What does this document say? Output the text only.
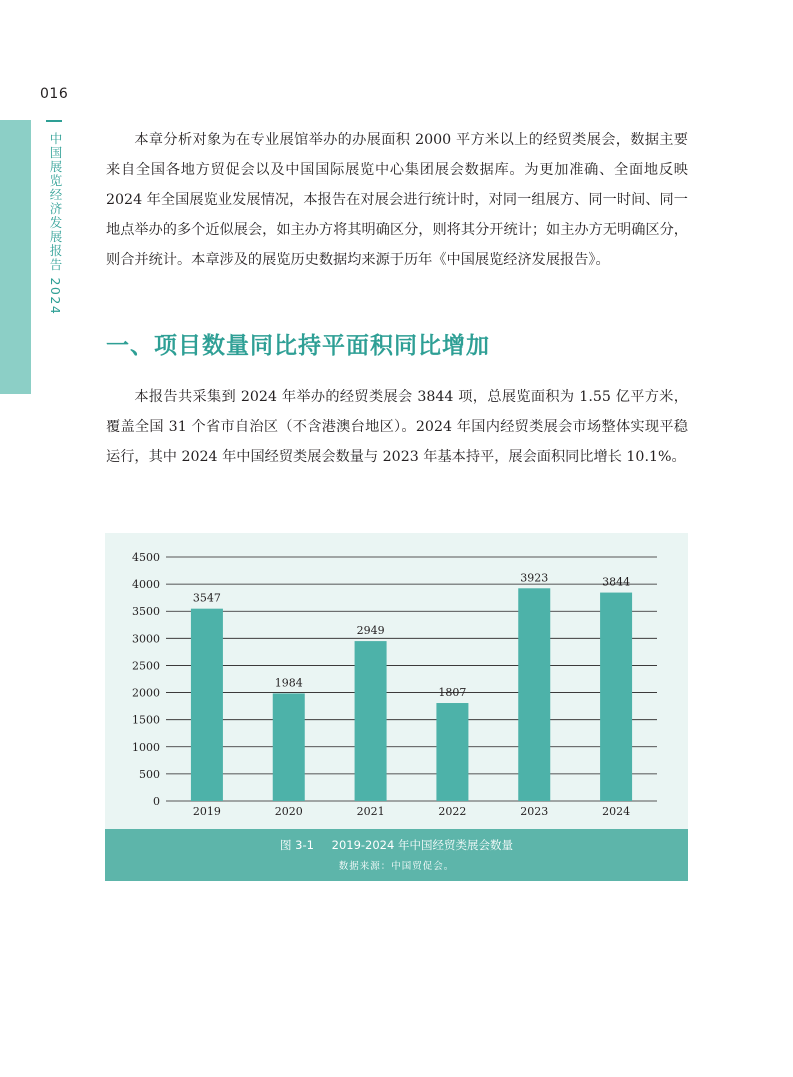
016
中国展览经济发展报告 2024	本章分析对象为在专业展馆举办的办展面积 2000 平方米以上的经贸类展会，数据主要来自全国各地方贸促会以及中国国际展览中心集团展会数据库。为更加准确、全面地反映 2024 年全国展览业发展情况，本报告在对展会进行统计时，对同一组展方、同一时间、同一地点举办的多个近似展会，如主办方将其明确区分，则将其分开统计；如主办方无明确区分，则合并统计。本章涉及的展览历史数据均来源于历年《中国展览经济发展报告》。

一、项目数量同比持平面积同比增加

本报告共采集到 2024 年举办的经贸类展会 3844 项，总展览面积为 1.55 亿平方米，覆盖全国 31 个省市自治区（不含港澳台地区）。2024 年国内经贸类展会市场整体实现平稳运行，其中 2024 年中国经贸类展会数量与 2023 年基本持平，展会面积同比增长 10.1%。

0
500
1000
1500
2000
2500
3000
3500
4000
4500
3547
2019
1984
2020
2949
2021
1807
2022
3923
2023
3844
2024
图 3-1 2019-2024 年中国经贸类展会数量
数据来源：中国贸促会。
